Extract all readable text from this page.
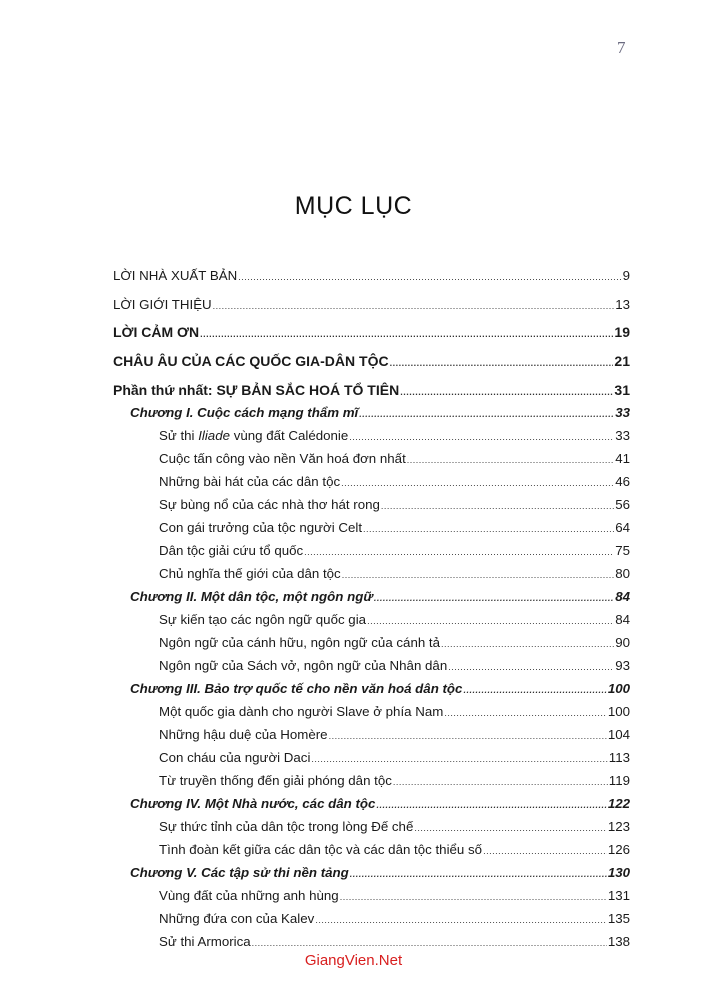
7
MỤC LỤC
LỜI NHÀ XUẤT BẢN .....	9
LỜI GIỚI THIỆU .....	13
LỜI CẢM ƠN .....	19
CHÂU ÂU CỦA CÁC QUỐC GIA-DÂN TỘC .....	21
Phần thứ nhất: SỰ BẢN SẮC HOÁ TỔ TIÊN .....	31
Chương I. Cuộc cách mạng thẩm mĩ .....	33
Sử thi Iliade vùng đất Calédonie .....	33
Cuộc tấn công vào nền Văn hoá đơn nhất .....	41
Những bài hát của các dân tộc .....	46
Sự bùng nổ của các nhà thơ hát rong .....	56
Con gái trưởng của tộc người Celt .....	64
Dân tộc giải cứu tổ quốc .....	75
Chủ nghĩa thế giới của dân tộc .....	80
Chương II. Một dân tộc, một ngôn ngữ .....	84
Sự kiến tạo các ngôn ngữ quốc gia .....	84
Ngôn ngữ của cánh hữu, ngôn ngữ của cánh tả .....	90
Ngôn ngữ của Sách vở, ngôn ngữ của Nhân dân .....	93
Chương III. Bảo trợ quốc tế cho nền văn hoá dân tộc .....	100
Một quốc gia dành cho người Slave ở phía Nam .....	100
Những hậu duệ của Homère .....	104
Con cháu của người Daci .....	113
Từ truyền thống đến giải phóng dân tộc .....	119
Chương IV. Một Nhà nước, các dân tộc .....	122
Sự thức tỉnh của dân tộc trong lòng Đế chế .....	123
Tình đoàn kết giữa các dân tộc và các dân tộc thiểu số .....	126
Chương V. Các tập sử thi nền tảng .....	130
Vùng đất của những anh hùng .....	131
Những đứa con của Kalev .....	135
Sử thi Armorica .....	138
GiangVien.Net
